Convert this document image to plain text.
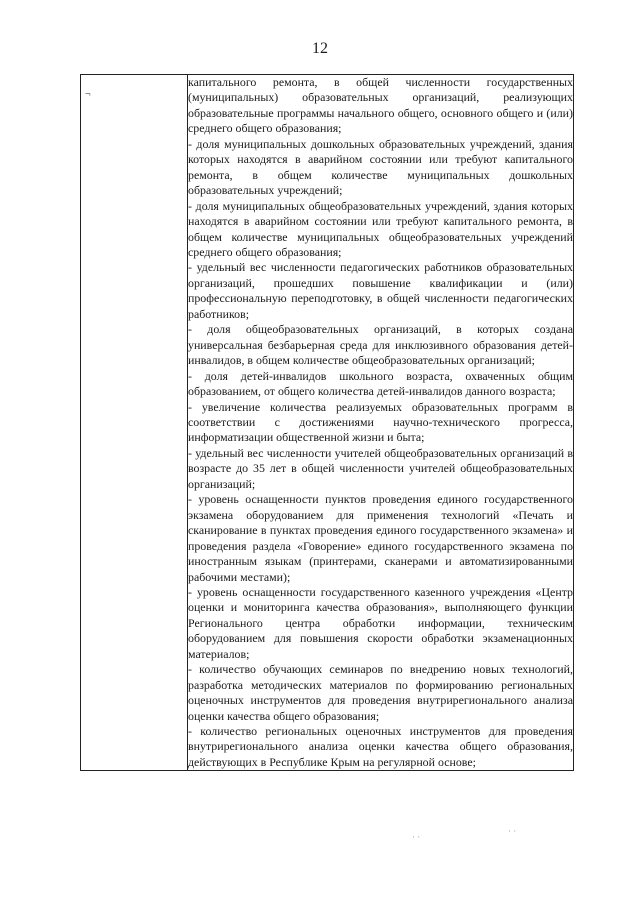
12
¬

капитального ремонта, в общей численности государственных (муниципальных) образовательных организаций, реализующих образовательные программы начального общего, основного общего и (или) среднего общего образования;

- доля муниципальных дошкольных образовательных учреждений, здания которых находятся в аварийном состоянии или требуют капитального ремонта, в общем количестве муниципальных дошкольных образовательных учреждений;

- доля муниципальных общеобразовательных учреждений, здания которых находятся в аварийном состоянии или требуют капитального ремонта, в общем количестве муниципальных общеобразовательных учреждений среднего общего образования;

- удельный вес численности педагогических работников образовательных организаций, прошедших повышение квалификации и (или) профессиональную переподготовку, в общей численности педагогических работников;

- доля общеобразовательных организаций, в которых создана универсальная безбарьерная среда для инклюзивного образования детей-инвалидов, в общем количестве общеобразовательных организаций;

- доля детей-инвалидов школьного возраста, охваченных общим образованием, от общего количества детей-инвалидов данного возраста;

- увеличение количества реализуемых образовательных программ в соответствии с достижениями научно-технического прогресса, информатизации общественной жизни и быта;

- удельный вес численности учителей общеобразовательных организаций в возрасте до 35 лет в общей численности учителей общеобразовательных организаций;

- уровень оснащенности пунктов проведения единого государственного экзамена оборудованием для применения технологий «Печать и сканирование в пунктах проведения единого государственного экзамена» и проведения раздела «Говорение» единого государственного экзамена по иностранным языкам (принтерами, сканерами и автоматизированными рабочими местами);

- уровень оснащенности государственного казенного учреждения «Центр оценки и мониторинга качества образования», выполняющего функции Регионального центра обработки информации, техническим оборудованием для повышения скорости обработки экзаменационных материалов;

- количество обучающих семинаров по внедрению новых технологий, разработка методических материалов по формированию региональных оценочных инструментов для проведения внутрирегионального анализа оценки качества общего образования;

- количество региональных оценочных инструментов для проведения внутрирегионального анализа оценки качества общего образования, действующих в Республике Крым на регулярной основе;

· ·
· ·
